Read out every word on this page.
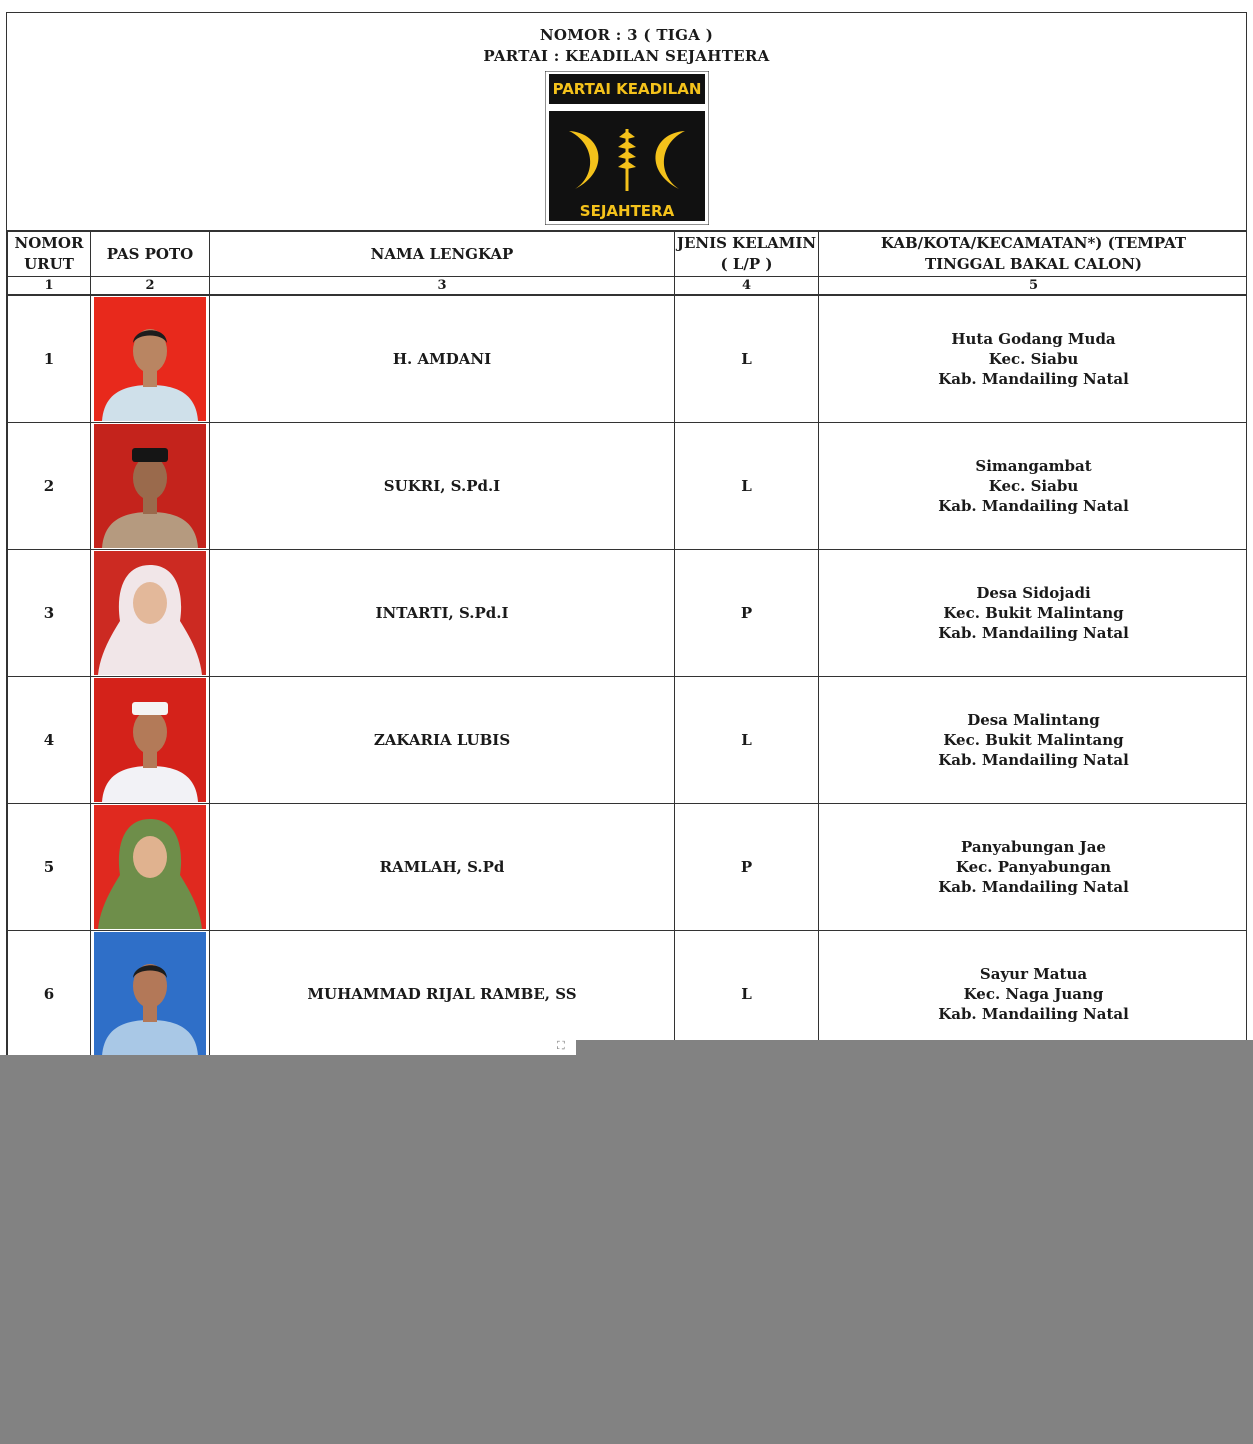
NOMOR : 3 ( TIGA )
PARTAI : KEADILAN SEJAHTERA
PARTAI KEADILAN
SEJAHTERA
NOMOR URUT	PAS POTO	NAMA LENGKAP	JENIS KELAMIN ( L/P )	KAB/KOTA/KECAMATAN*) (TEMPAT TINGGAL BAKAL CALON)
1	2	3	4	5
1		H. AMDANI	L	Huta Godang Muda
Kec. Siabu
Kab. Mandailing Natal

2		SUKRI, S.Pd.I	L	Simangambat
Kec. Siabu
Kab. Mandailing Natal

3		INTARTI, S.Pd.I	P	Desa Sidojadi
Kec. Bukit Malintang
Kab. Mandailing Natal

4		ZAKARIA LUBIS	L	Desa Malintang
Kec. Bukit Malintang
Kab. Mandailing Natal

5		RAMLAH, S.Pd	P	Panyabungan Jae
Kec. Panyabungan
Kab. Mandailing Natal

6		MUHAMMAD RIJAL RAMBE, SS	L	Sayur Matua
Kec. Naga Juang
Kab. Mandailing Natal
⛶
